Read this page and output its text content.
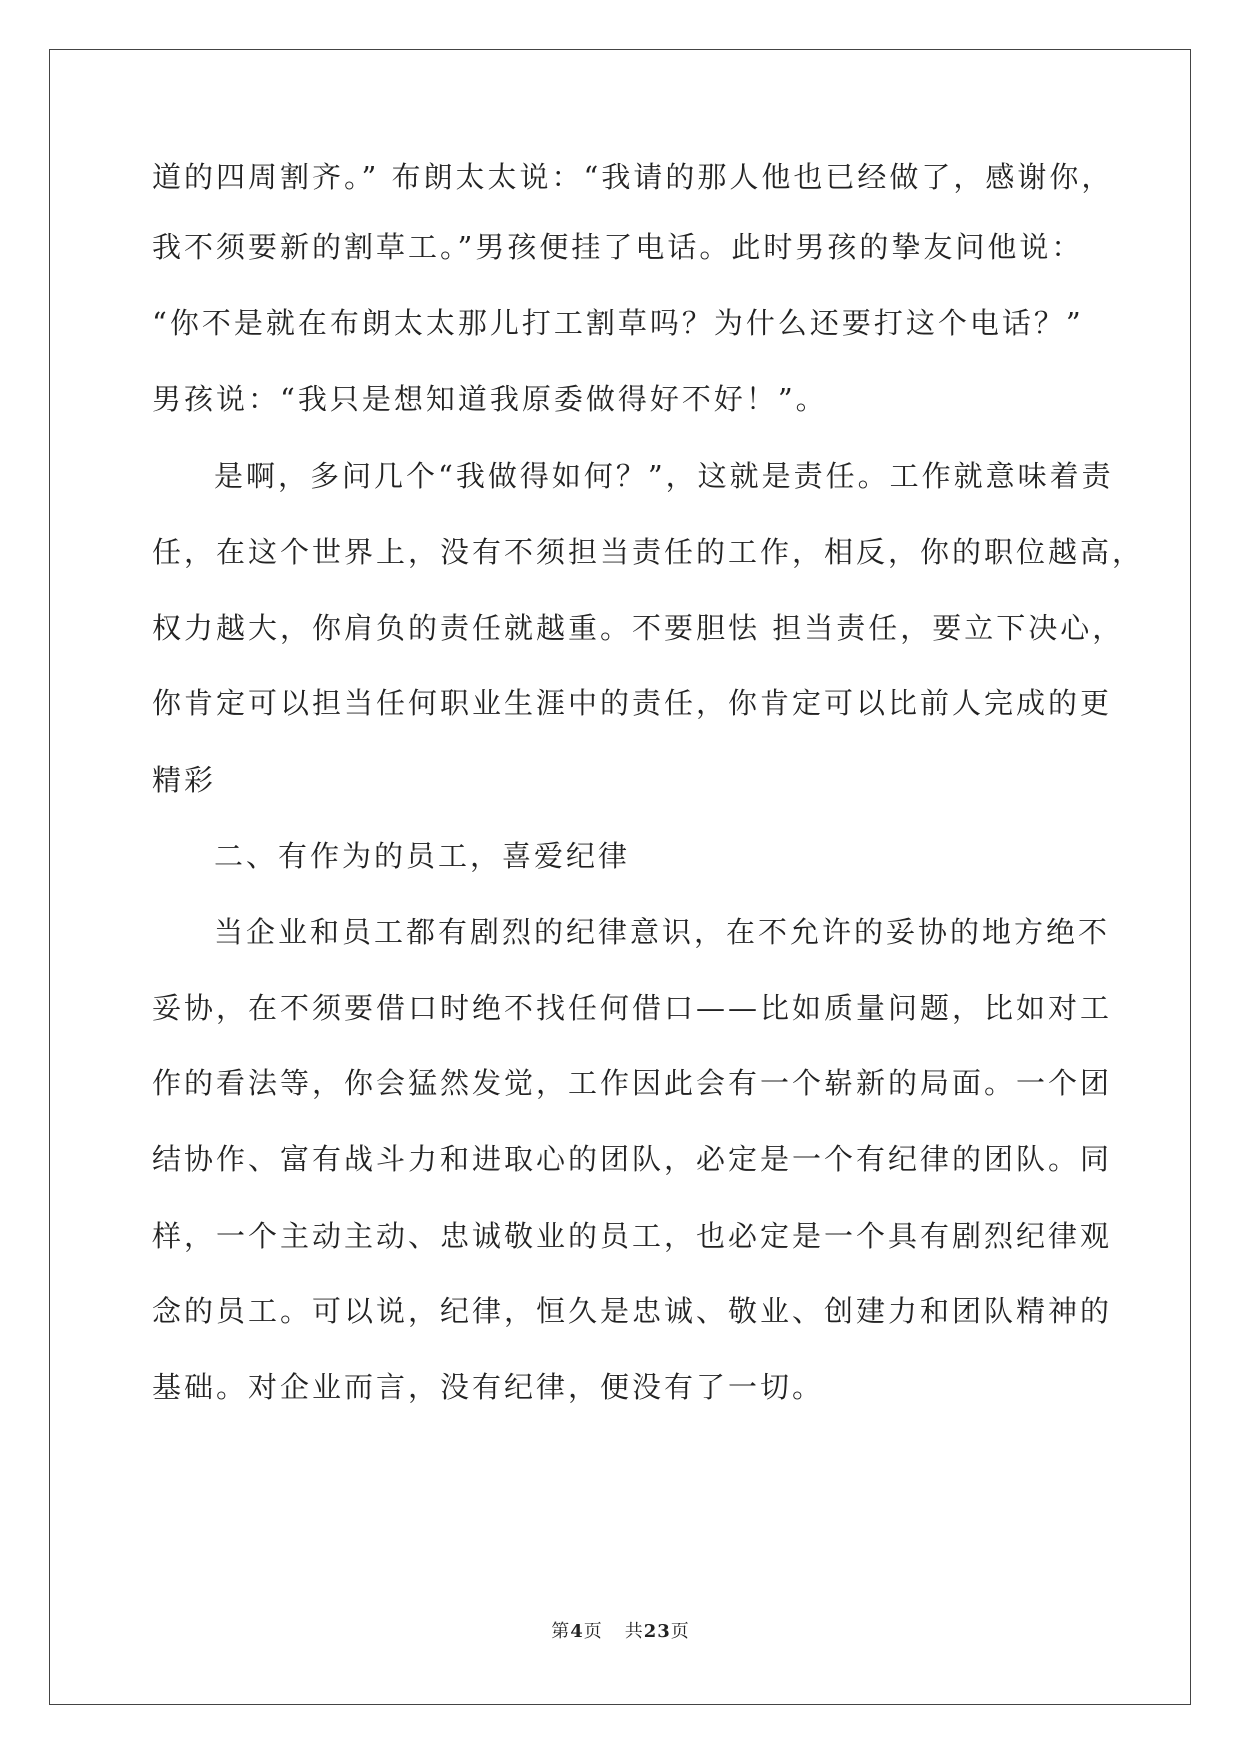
道的四周割齐。” 布朗太太说：“我请的那人他也已经做了，感谢你，

我不须要新的割草工。”男孩便挂了电话。此时男孩的挚友问他说：

“你不是就在布朗太太那儿打工割草吗？为什么还要打这个电话？”

男孩说：“我只是想知道我原委做得好不好！”。

是啊，多问几个“我做得如何？”，这就是责任。工作就意味着责

任，在这个世界上，没有不须担当责任的工作，相反，你的职位越高，

权力越大，你肩负的责任就越重。不要胆怯 担当责任，要立下决心，

你肯定可以担当任何职业生涯中的责任，你肯定可以比前人完成的更

精彩

二、有作为的员工，喜爱纪律

当企业和员工都有剧烈的纪律意识，在不允许的妥协的地方绝不

妥协，在不须要借口时绝不找任何借口——比如质量问题，比如对工

作的看法等，你会猛然发觉，工作因此会有一个崭新的局面。一个团

结协作、富有战斗力和进取心的团队，必定是一个有纪律的团队。同

样，一个主动主动、忠诚敬业的员工，也必定是一个具有剧烈纪律观

念的员工。可以说，纪律，恒久是忠诚、敬业、创建力和团队精神的

基础。对企业而言，没有纪律，便没有了一切。

第4页 共23页
